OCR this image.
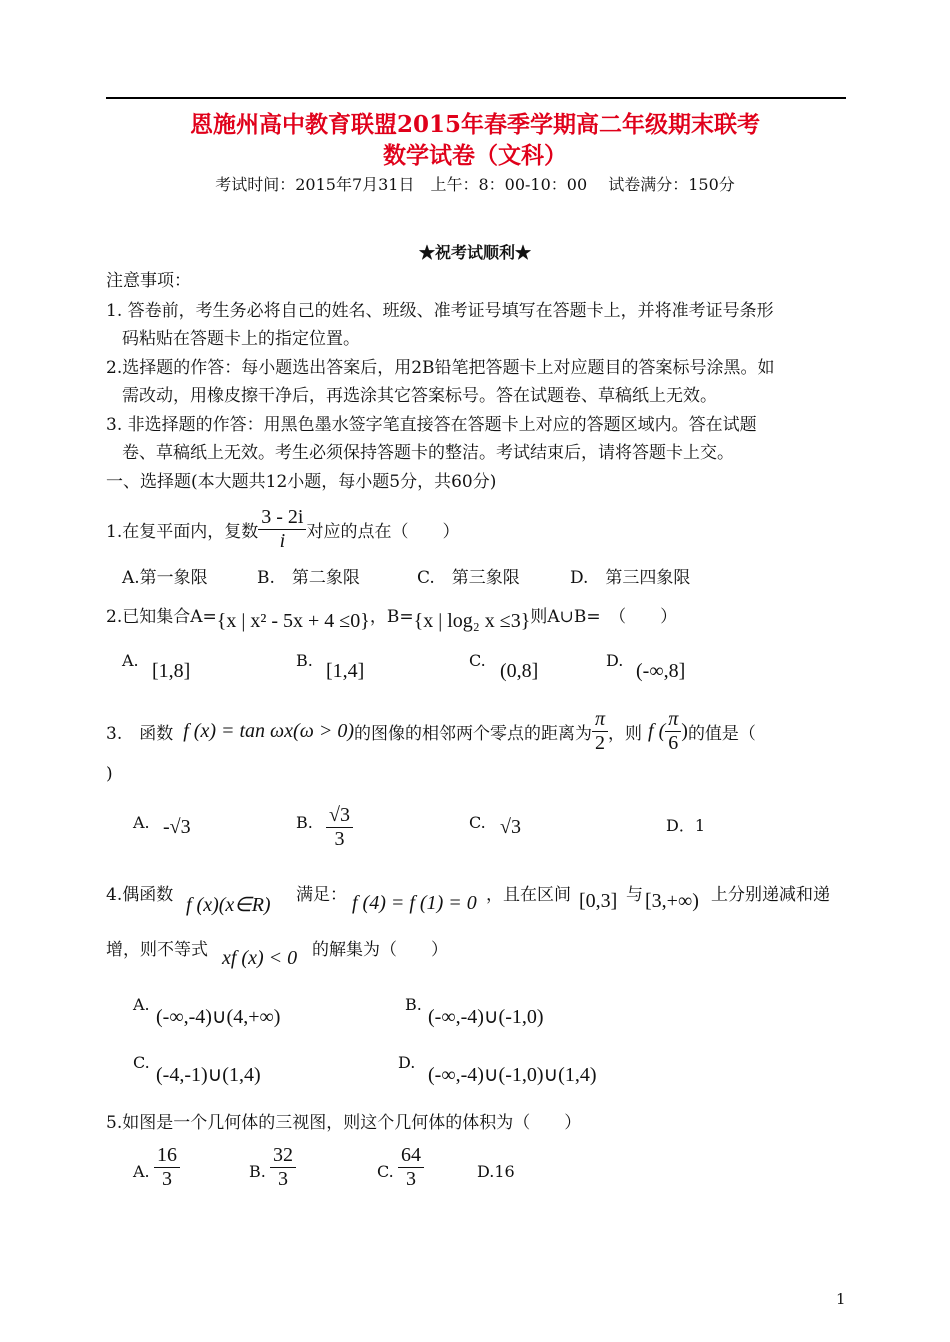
恩施州高中教育联盟2015年春季学期高二年级期末联考
数学试卷（文科）
考试时间：2015年7月31日　上午：8：00-10：00　 试卷满分：150分
★祝考试顺利★
注意事项：
1. 答卷前，考生务必将自己的姓名、班级、准考证号填写在答题卡上，并将准考证号条形
码粘贴在答题卡上的指定位置。
2.选择题的作答：每小题选出答案后，用2B铅笔把答题卡上对应题目的答案标号涂黑。如
需改动，用橡皮擦干净后，再选涂其它答案标号。答在试题卷、草稿纸上无效。
3. 非选择题的作答：用黑色墨水签字笔直接答在答题卡上对应的答题区域内。答在试题
卷、草稿纸上无效。考生必须保持答题卡的整洁。考试结束后，请将答题卡上交。
一、选择题(本大题共12小题，每小题5分，共60分)
1.在复平面内，复数 $\frac{3 - 2i}{i}$ 对应的点在（　　）
A.第一象限	B.　第二象限	C.　第三象限	D.　第三四象限
2.已知集合A= {x | x² - 5x + 4 ≤0} ，B= {x | log₂ x ≤3} 则A∪B=　（　　）
A. [1,8]	B. [1,4]	C. (0,8]	D. (-∞,8]
3.　函数 f (x) = tan ωx(ω > 0) 的图像的相邻两个零点的距离为 $\frac{\pi}{2}$ ，则 f ( $\frac{\pi}{6}$ ) 的值是（
)
A. -√3	B. $\frac{√3}{3}$	C. √3	D．1
4.偶函数 f (x)(x∈R) 满足： f (4) = f (1) = 0 ，且在区间 [0,3] 与 [3,+∞) 上分别递减和递
增，则不等式 xf (x) < 0 的解集为（　　）
A.
(-∞,-4)∪(4,+∞)
B.
(-∞,-4)∪(-1,0)
C.
(-4,-1)∪(1,4)
D.
(-∞,-4)∪(-1,0)∪(1,4)
5.如图是一个几何体的三视图，则这个几何体的体积为（　　）
A. $\frac{16}{3}$	B. $\frac{32}{3}$	C. $\frac{64}{3}$	D.16
1
